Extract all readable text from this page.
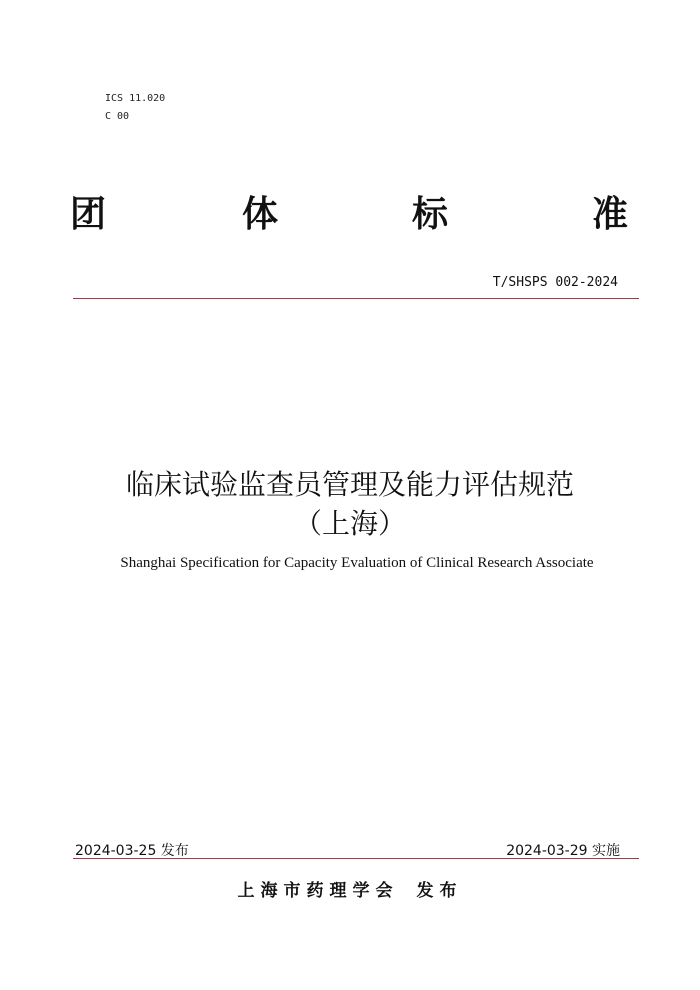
ICS 11.020
C 00
团	体	标	准
T/SHSPS 002-2024
临床试验监查员管理及能力评估规范
（上海）
Shanghai Specification for Capacity Evaluation of Clinical Research Associate
2024-03-25 发布	2024-03-29 实施
上海市药理学会 发布
